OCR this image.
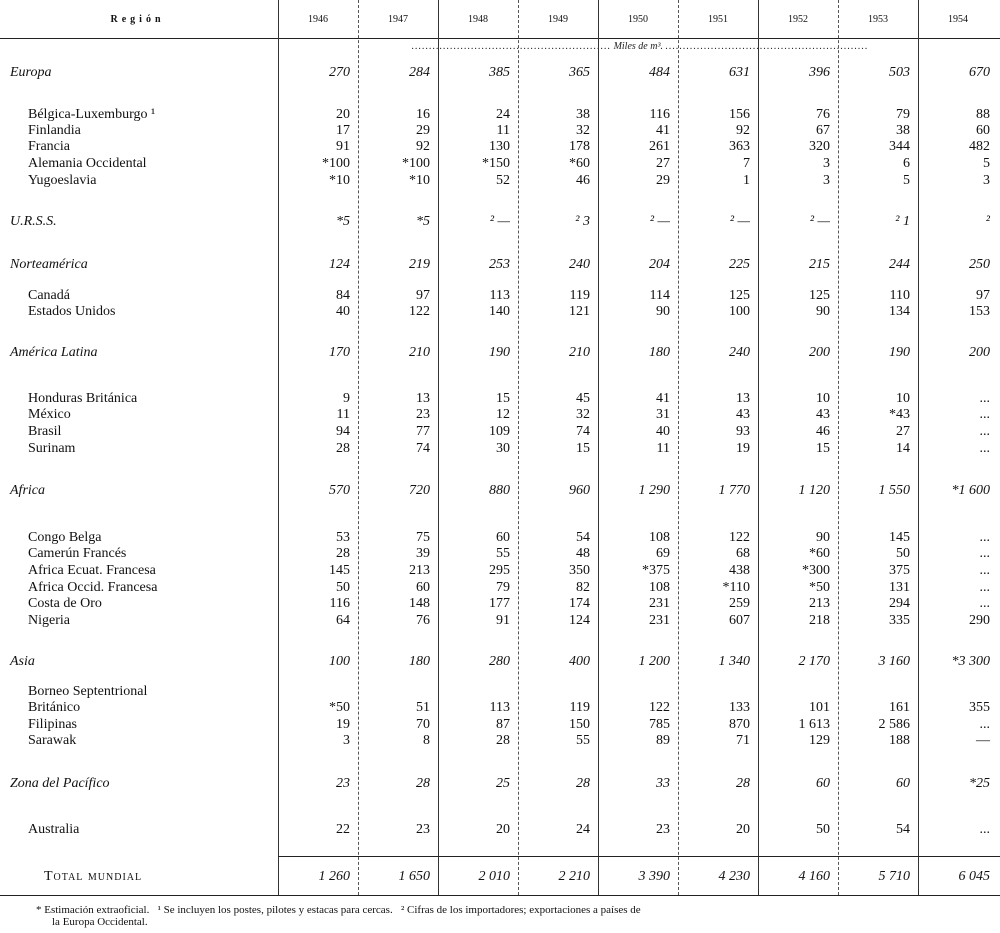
Región	1946	1947	1948	1949	1950	1951	1952	1953	1954
......................................................... Miles de m³. ..........................................................
Europa	270	284	385	365	484	631	396	503	670
Bélgica-Luxemburgo ¹	20	16	24	38	116	156	76	79	88
Finlandia	17	29	11	32	41	92	67	38	60
Francia	91	92	130	178	261	363	320	344	482
Alemania Occidental	*100	*100	*150	*60	27	7	3	6	5
Yugoeslavia	*10	*10	52	46	29	1	3	5	3
U.R.S.S.	*5	*5	² —	² 3	² —	² —	² —	² 1	²
Norteamérica	124	219	253	240	204	225	215	244	250
Canadá	84	97	113	119	114	125	125	110	97
Estados Unidos	40	122	140	121	90	100	90	134	153
América Latina	170	210	190	210	180	240	200	190	200
Honduras Británica	9	13	15	45	41	13	10	10	...
México	11	23	12	32	31	43	43	*43	...
Brasil	94	77	109	74	40	93	46	27	...
Surinam	28	74	30	15	11	19	15	14	...
Africa	570	720	880	960	1 290	1 770	1 120	1 550	*1 600
Congo Belga	53	75	60	54	108	122	90	145	...
Camerún Francés	28	39	55	48	69	68	*60	50	...
Africa Ecuat. Francesa	145	213	295	350	*375	438	*300	375	...
Africa Occid. Francesa	50	60	79	82	108	*110	*50	131	...
Costa de Oro	116	148	177	174	231	259	213	294	...
Nigeria	64	76	91	124	231	607	218	335	290
Asia	100	180	280	400	1 200	1 340	2 170	3 160	*3 300
Borneo Septentrional
Británico	*50	51	113	119	122	133	101	161	355
Filipinas	19	70	87	150	785	870	1 613	2 586	...
Sarawak	3	8	28	55	89	71	129	188	—
Zona del Pacífico	23	28	25	28	33	28	60	60	*25
Australia	22	23	20	24	23	20	50	54	...
Total mundial	1 260	1 650	2 010	2 210	3 390	4 230	4 160	5 710	6 045
* Estimación extraoficial.   ¹ Se incluyen los postes, pilotes y estacas para cercas.   ² Cifras de los importadores; exportaciones a países de
la Europa Occidental.
